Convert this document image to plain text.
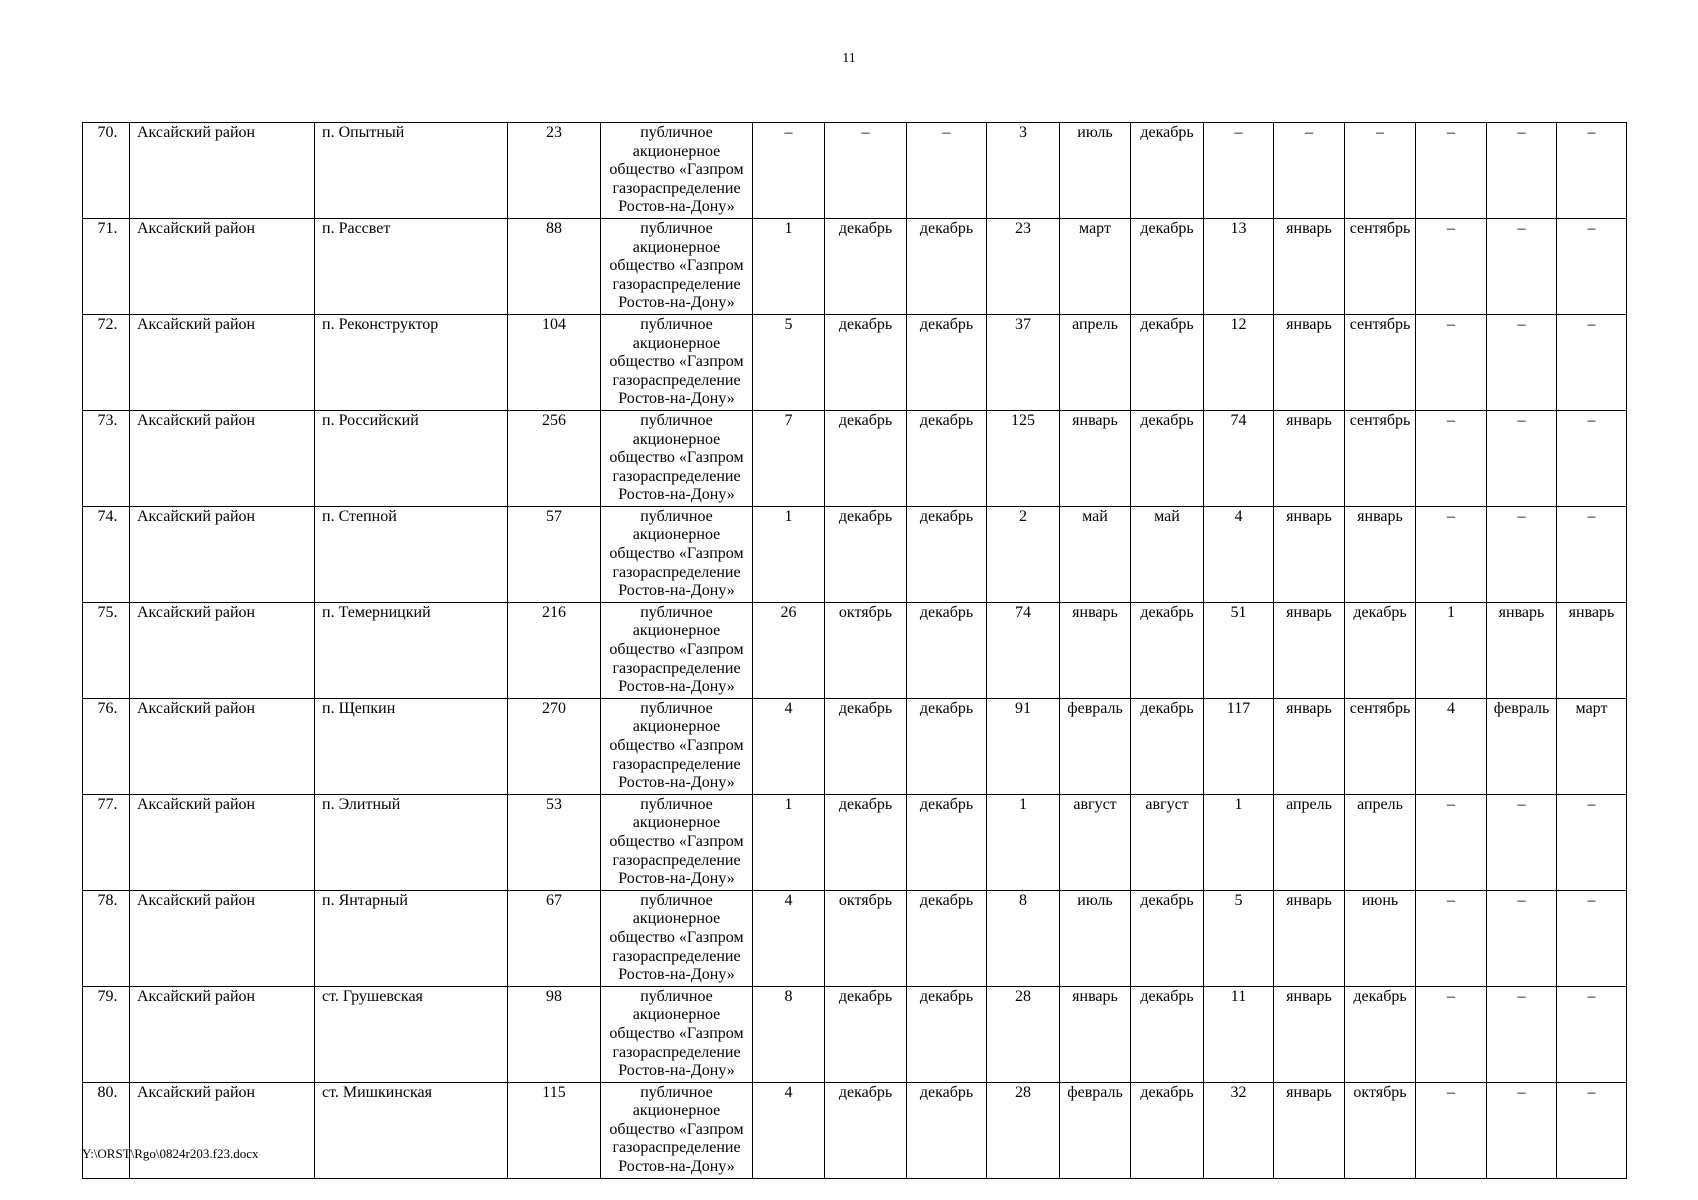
11
70.	Аксайский район	п. Опытный	23	публичное
акционерное
общество «Газпром
газораспределение
Ростов-на-Дону»	–	–	–	3	июль	декабрь	–	–	–	–	–	–
71.	Аксайский район	п. Рассвет	88	публичное
акционерное
общество «Газпром
газораспределение
Ростов-на-Дону»	1	декабрь	декабрь	23	март	декабрь	13	январь	сентябрь	–	–	–
72.	Аксайский район	п. Реконструктор	104	публичное
акционерное
общество «Газпром
газораспределение
Ростов-на-Дону»	5	декабрь	декабрь	37	апрель	декабрь	12	январь	сентябрь	–	–	–
73.	Аксайский район	п. Российский	256	публичное
акционерное
общество «Газпром
газораспределение
Ростов-на-Дону»	7	декабрь	декабрь	125	январь	декабрь	74	январь	сентябрь	–	–	–
74.	Аксайский район	п. Степной	57	публичное
акционерное
общество «Газпром
газораспределение
Ростов-на-Дону»	1	декабрь	декабрь	2	май	май	4	январь	январь	–	–	–
75.	Аксайский район	п. Темерницкий	216	публичное
акционерное
общество «Газпром
газораспределение
Ростов-на-Дону»	26	октябрь	декабрь	74	январь	декабрь	51	январь	декабрь	1	январь	январь
76.	Аксайский район	п. Щепкин	270	публичное
акционерное
общество «Газпром
газораспределение
Ростов-на-Дону»	4	декабрь	декабрь	91	февраль	декабрь	117	январь	сентябрь	4	февраль	март
77.	Аксайский район	п. Элитный	53	публичное
акционерное
общество «Газпром
газораспределение
Ростов-на-Дону»	1	декабрь	декабрь	1	август	август	1	апрель	апрель	–	–	–
78.	Аксайский район	п. Янтарный	67	публичное
акционерное
общество «Газпром
газораспределение
Ростов-на-Дону»	4	октябрь	декабрь	8	июль	декабрь	5	январь	июнь	–	–	–
79.	Аксайский район	ст. Грушевская	98	публичное
акционерное
общество «Газпром
газораспределение
Ростов-на-Дону»	8	декабрь	декабрь	28	январь	декабрь	11	январь	декабрь	–	–	–
80.	Аксайский район	ст. Мишкинская	115	публичное
акционерное
общество «Газпром
газораспределение
Ростов-на-Дону»	4	декабрь	декабрь	28	февраль	декабрь	32	январь	октябрь	–	–	–
Y:\ORST\Rgo\0824r203.f23.docx
